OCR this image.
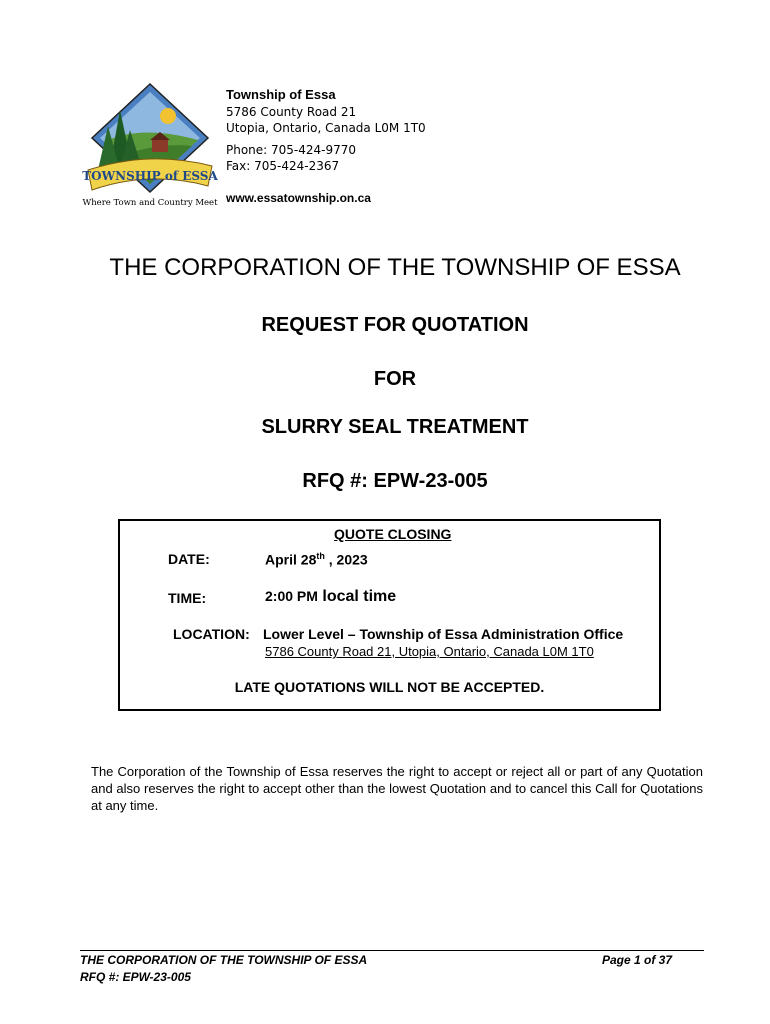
TOWNSHIP of ESSA
Where Town and Country Meet
Township of Essa
5786 County Road 21
Utopia, Ontario, Canada L0M 1T0
Phone: 705-424-9770
Fax: 705-424-2367
www.essatownship.on.ca
THE CORPORATION OF THE TOWNSHIP OF ESSA
REQUEST FOR QUOTATION
FOR
SLURRY SEAL TREATMENT
RFQ #: EPW-23-005
QUOTE CLOSING
DATE:	April 28th , 2023
TIME:	2:00 PM local time
LOCATION: Lower Level – Township of Essa Administration Office
5786 County Road 21, Utopia, Ontario, Canada L0M 1T0
LATE QUOTATIONS WILL NOT BE ACCEPTED.
The Corporation of the Township of Essa reserves the right to accept or reject all or part of any Quotation and also reserves the right to accept other than the lowest Quotation and to cancel this Call for Quotations at any time.
THE CORPORATION OF THE TOWNSHIP OF ESSA
RFQ #: EPW-23-005
Page 1 of 37
